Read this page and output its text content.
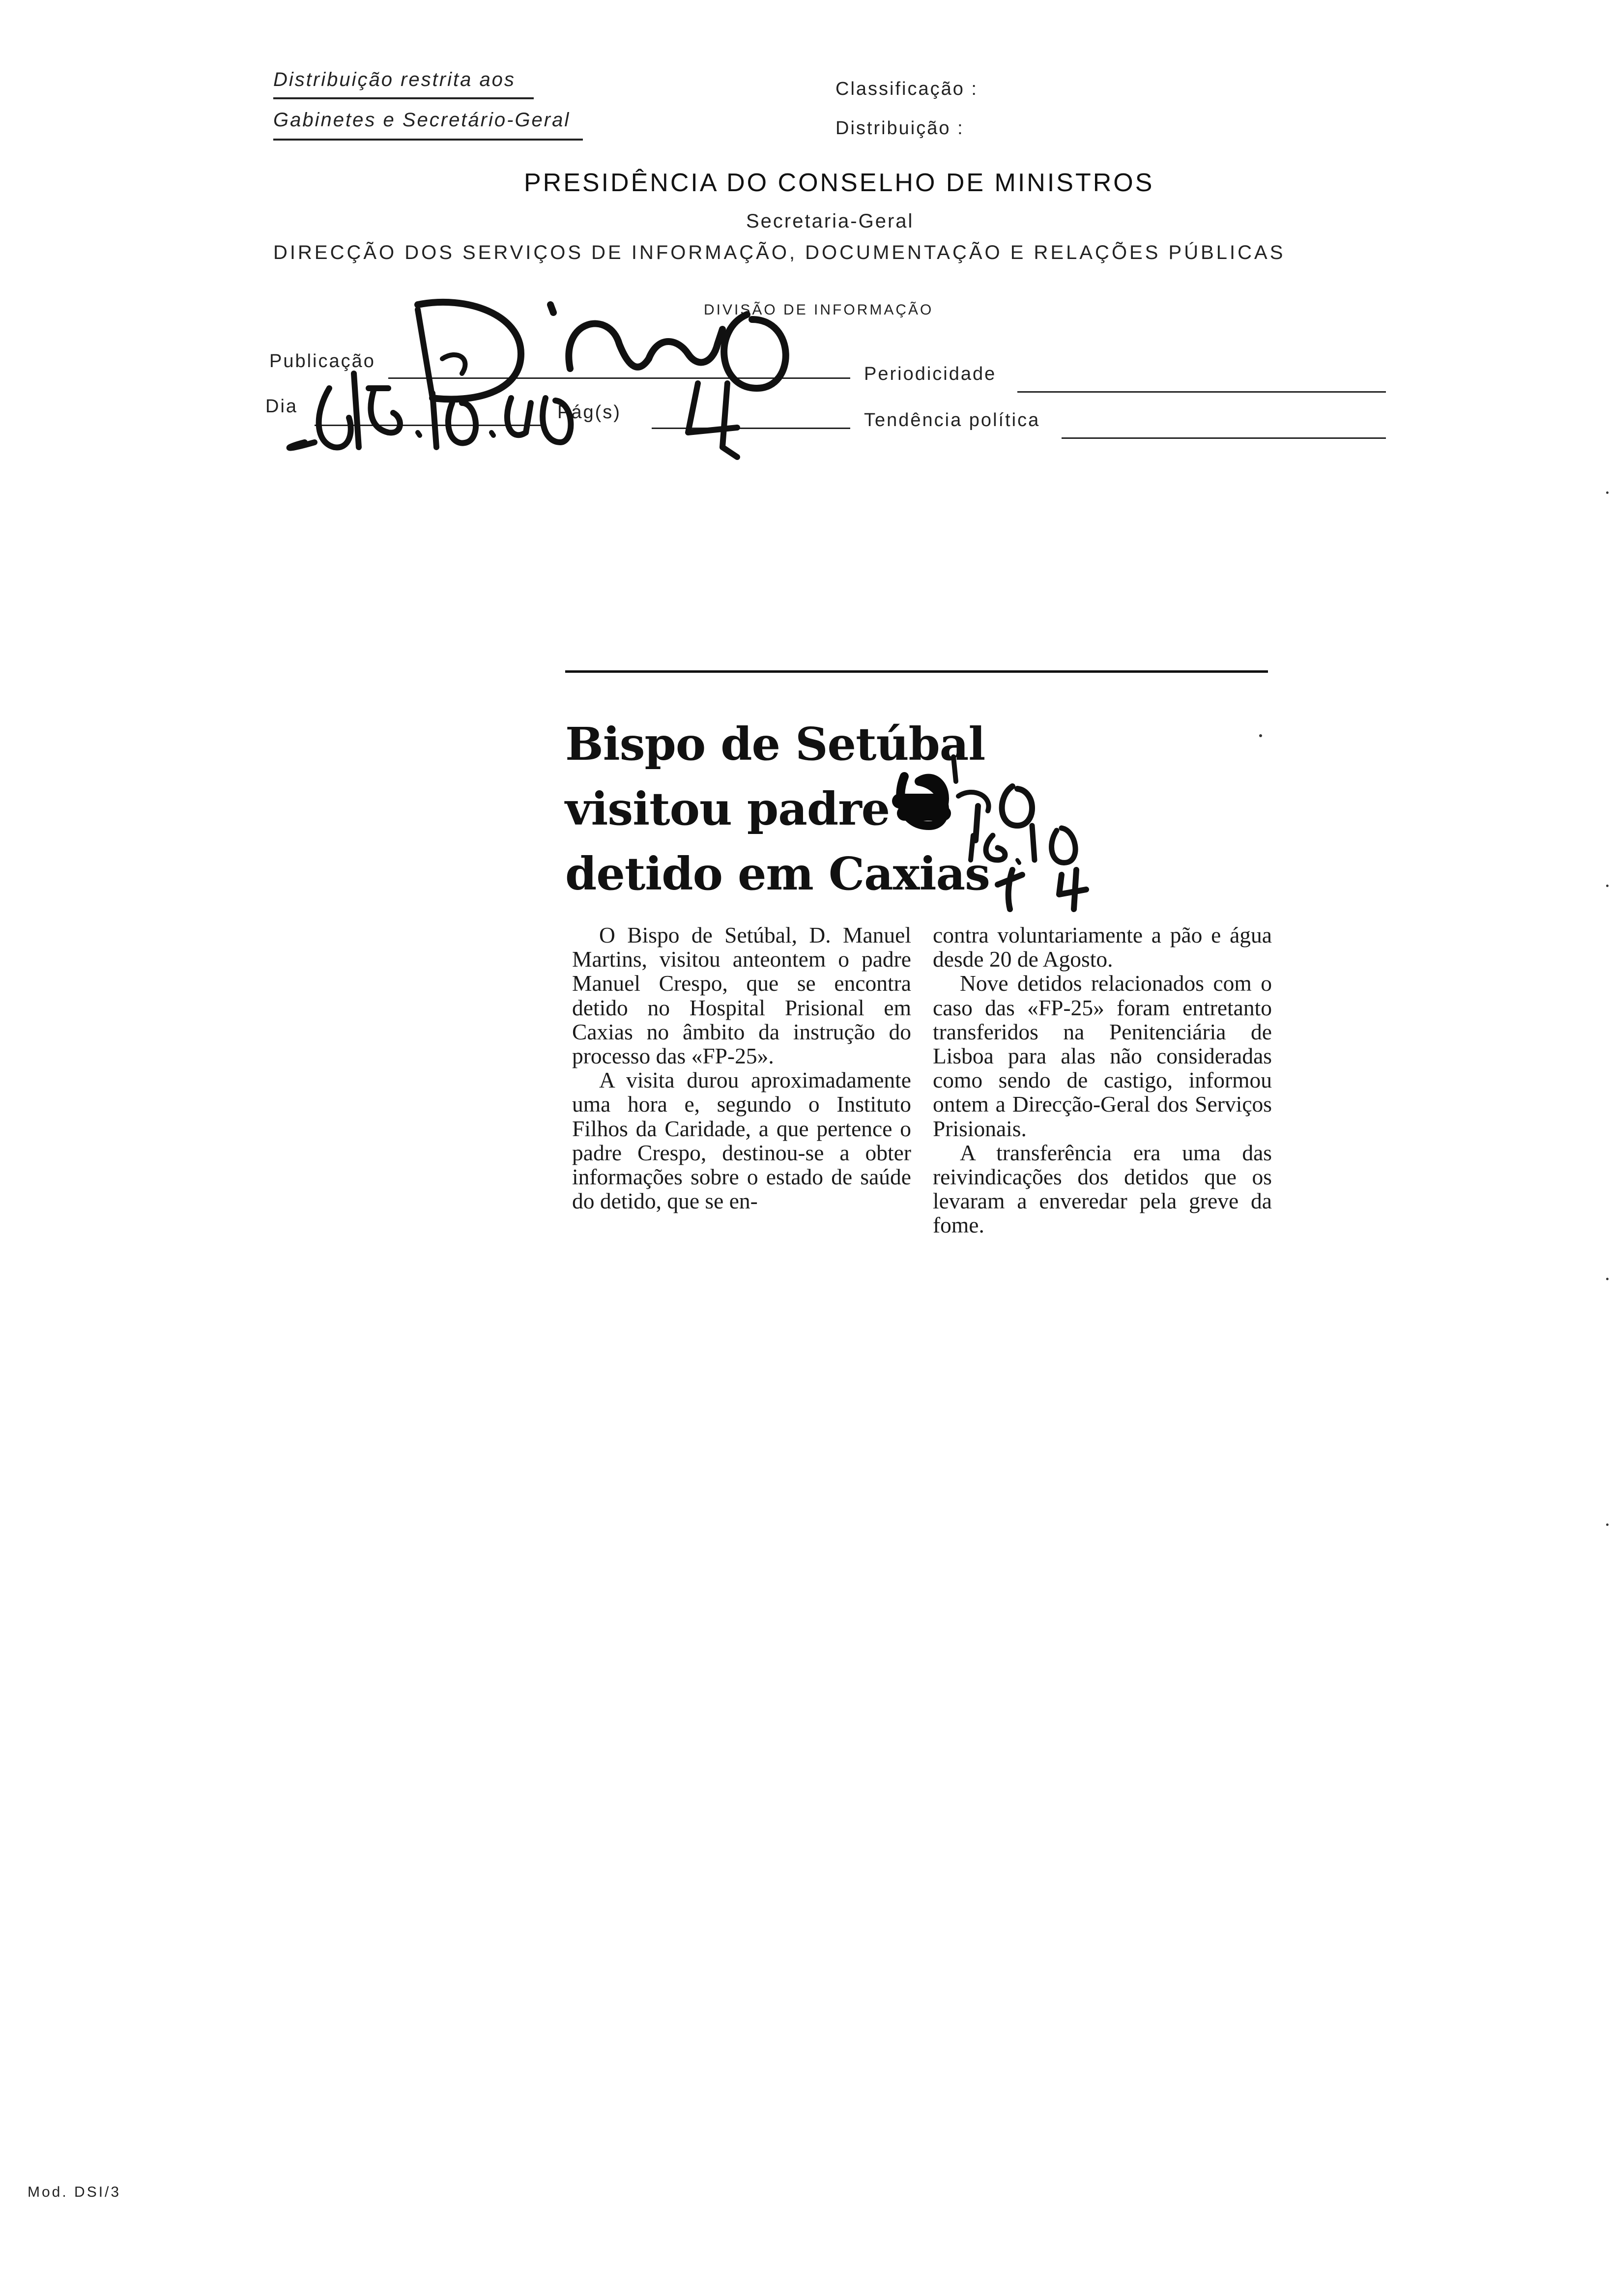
Distribuição restrita aos
Gabinetes e Secretário-Geral
Classificação :
Distribuição :
PRESIDÊNCIA DO CONSELHO DE MINISTROS
Secretaria-Geral
DIRECÇÃO DOS SERVIÇOS DE INFORMAÇÃO, DOCUMENTAÇÃO E RELAÇÕES PÚBLICAS
DIVISÃO DE INFORMAÇÃO
Publicação
Dia	Pág(s)
Periodicidade
Tendência política
Bispo de Setúbal
visitou padre
detido em Caxias

O Bispo de Setúbal, D. Manuel Martins, visitou anteontem o padre Manuel Crespo, que se encontra detido no Hospital Prisional em Caxias no âmbito da instrução do processo das «FP-25».

A visita durou aproximadamente uma hora e, segundo o Instituto Filhos da Caridade, a que pertence o padre Crespo, destinou-se a obter informações sobre o estado de saúde do detido, que se en-

contra voluntariamente a pão e água desde 20 de Agosto.

Nove detidos relacionados com o caso das «FP-25» foram entretanto transferidos na Penitenciária de Lisboa para alas não consideradas como sendo de castigo, informou ontem a Direcção-Geral dos Serviços Prisionais.

A transferência era uma das reivindicações dos detidos que os levaram a enveredar pela greve da fome.

Mod. DSI/3
